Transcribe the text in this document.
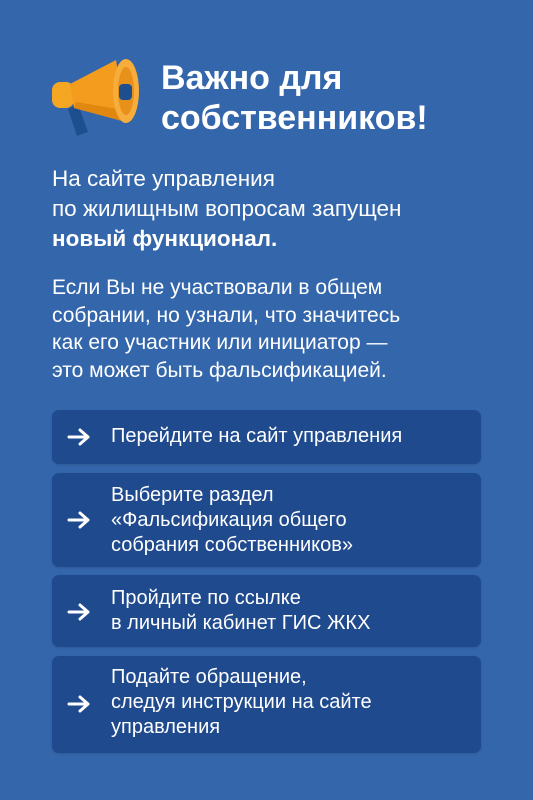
Важно для
собственников!

На сайте управления
по жилищным вопросам запущен
новый функционал.

Если Вы не участвовали в общем
собрании, но узнали, что значитесь
как его участник или инициатор —
это может быть фальсификацией.

Перейдите на сайт управления
Выберите раздел
«Фальсификация общего
собрания собственников»
Пройдите по ссылке
в личный кабинет ГИС ЖКХ
Подайте обращение,
следуя инструкции на сайте
управления
